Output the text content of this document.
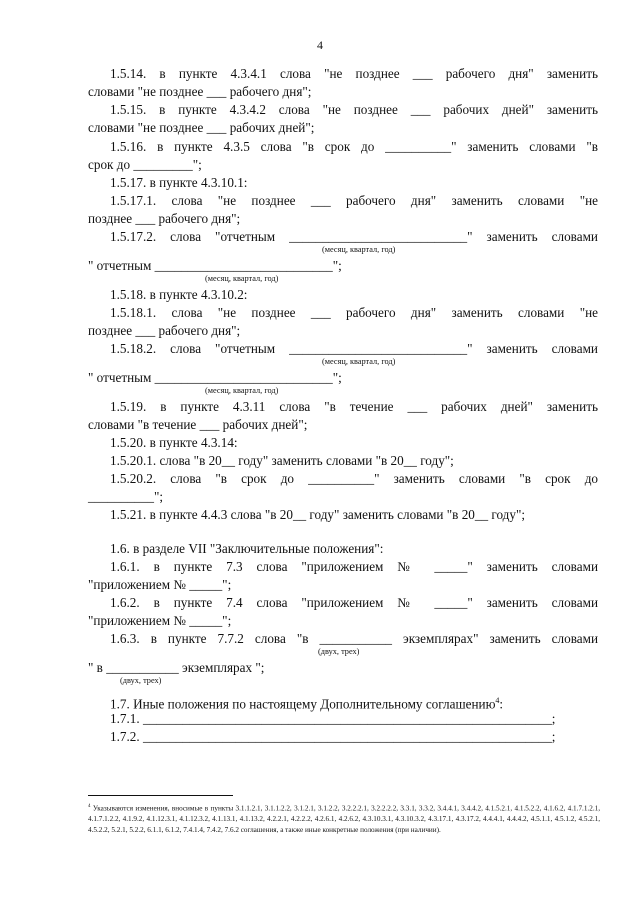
4
1.5.14. в пункте 4.3.4.1 слова "не позднее ___ рабочего дня" заменить
словами "не позднее ___ рабочего дня";
1.5.15. в пункте 4.3.4.2 слова "не позднее ___ рабочих дней" заменить
словами "не позднее ___ рабочих дней";
1.5.16. в пункте 4.3.5 слова "в срок до __________" заменить словами "в
срок до _________";
1.5.17. в пункте 4.3.10.1:
1.5.17.1. слова "не позднее ___ рабочего дня" заменить словами "не
позднее ___ рабочего дня";
1.5.17.2. слова "отчетным ___________________________" заменить словами
(месяц, квартал, год)
" отчетным ___________________________";
(месяц, квартал, год)
1.5.18. в пункте 4.3.10.2:
1.5.18.1. слова "не позднее ___ рабочего дня" заменить словами "не
позднее ___ рабочего дня";
1.5.18.2. слова "отчетным ___________________________" заменить словами
(месяц, квартал, год)
" отчетным ___________________________";
(месяц, квартал, год)
1.5.19. в пункте 4.3.11 слова "в течение ___ рабочих дней" заменить
словами "в течение ___ рабочих дней";
1.5.20. в пункте 4.3.14:
1.5.20.1. слова "в 20__ году" заменить словами "в 20__ году";
1.5.20.2. слова "в срок до __________" заменить словами "в срок до
__________";
1.5.21. в пункте 4.4.3 слова "в 20__ году" заменить словами "в 20__ году";
1.6. в разделе VII "Заключительные положения":
1.6.1. в пункте 7.3 слова "приложением № _____" заменить словами
"приложением № _____";
1.6.2. в пункте 7.4 слова "приложением № _____" заменить словами
"приложением № _____";
1.6.3. в пункте 7.7.2 слова "в ___________ экземплярах" заменить словами
(двух, трех)
" в ___________ экземплярах ";
(двух, трех)
1.7. Иные положения по настоящему Дополнительному соглашению$^4$:
1.7.1. ______________________________________________________________;
1.7.2. ______________________________________________________________;
$^4$ Указываются изменения, вносимые в пункты 3.1.1.2.1, 3.1.1.2.2, 3.1.2.1, 3.1.2.2, 3.2.2.2.1, 3.2.2.2.2, 3.3.1, 3.3.2, 3.4.4.1, 3.4.4.2, 4.1.5.2.1, 4.1.5.2.2, 4.1.6.2, 4.1.7.1.2.1, 4.1.7.1.2.2, 4.1.9.2, 4.1.12.3.1, 4.1.12.3.2, 4.1.13.1, 4.1.13.2, 4.2.2.1, 4.2.2.2, 4.2.6.1, 4.2.6.2, 4.3.10.3.1, 4.3.10.3.2, 4.3.17.1, 4.3.17.2, 4.4.4.1, 4.4.4.2, 4.5.1.1, 4.5.1.2, 4.5.2.1, 4.5.2.2, 5.2.1, 5.2.2, 6.1.1, 6.1.2, 7.4.1.4, 7.4.2, 7.6.2 соглашения, а также иные конкретные положения (при наличии).
